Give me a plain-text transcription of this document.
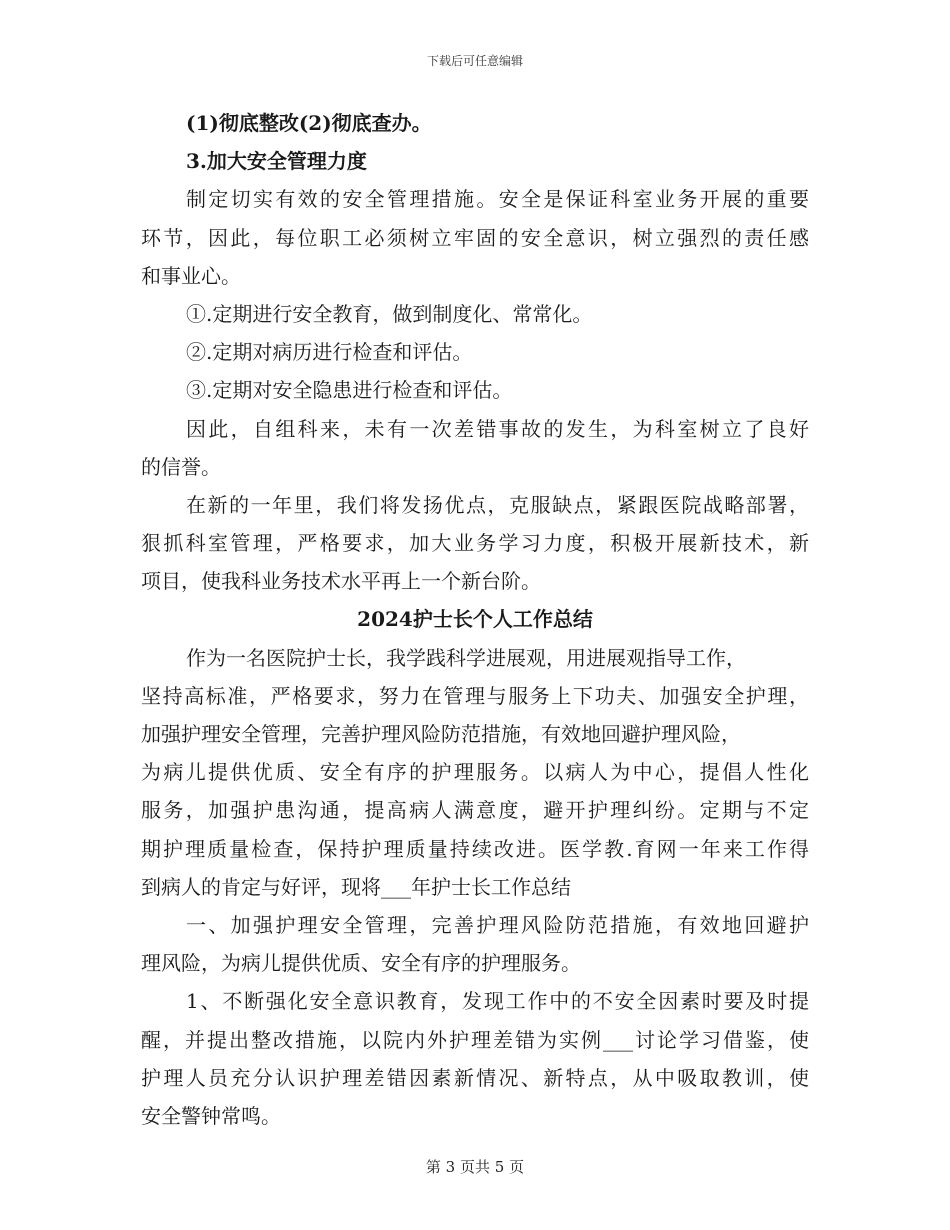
下载后可任意编辑
(1)彻底整改(2)彻底查办。
3.加大安全管理力度
制定切实有效的安全管理措施。安全是保证科室业务开展的重要
环节，因此，每位职工必须树立牢固的安全意识，树立强烈的责任感
和事业心。
①.定期进行安全教育，做到制度化、常常化。
②.定期对病历进行检查和评估。
③.定期对安全隐患进行检查和评估。
因此，自组科来，未有一次差错事故的发生，为科室树立了良好
的信誉。
在新的一年里，我们将发扬优点，克服缺点，紧跟医院战略部署，
狠抓科室管理，严格要求，加大业务学习力度，积极开展新技术，新
项目，使我科业务技术水平再上一个新台阶。
2024护士长个人工作总结
作为一名医院护士长，我学践科学进展观，用进展观指导工作，
坚持高标准，严格要求，努力在管理与服务上下功夫、加强安全护理，
加强护理安全管理，完善护理风险防范措施，有效地回避护理风险，
为病儿提供优质、安全有序的护理服务。以病人为中心，提倡人性化
服务，加强护患沟通，提高病人满意度，避开护理纠纷。定期与不定
期护理质量检查，保持护理质量持续改进。医学教.育网一年来工作得
到病人的肯定与好评，现将___年护士长工作总结
一、加强护理安全管理，完善护理风险防范措施，有效地回避护
理风险，为病儿提供优质、安全有序的护理服务。
1、不断强化安全意识教育，发现工作中的不安全因素时要及时提
醒，并提出整改措施，以院内外护理差错为实例___讨论学习借鉴，使
护理人员充分认识护理差错因素新情况、新特点，从中吸取教训，使
安全警钟常鸣。
第 3 页共 5 页
